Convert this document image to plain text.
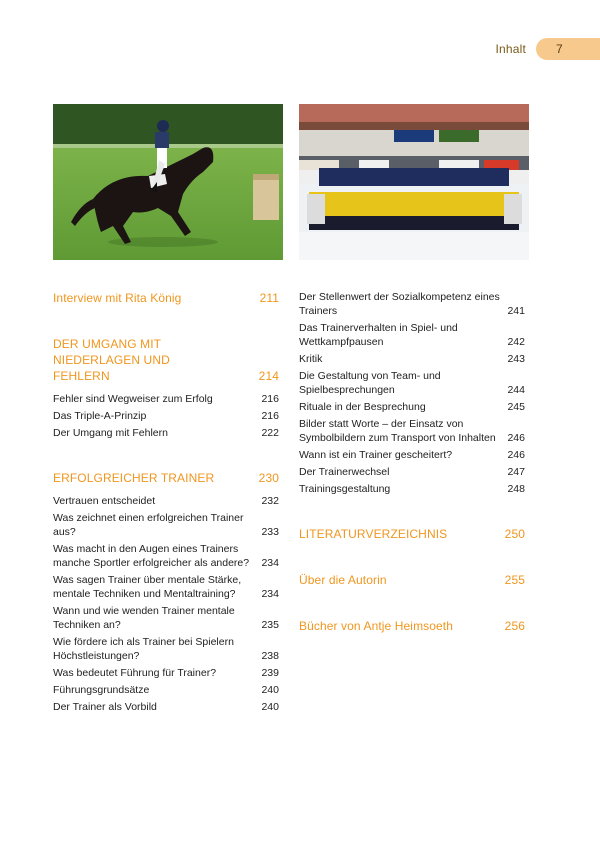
Inhalt	7
Interview mit Rita König	211
DER UMGANG MIT NIEDERLAGEN UND FEHLERN	214
Fehler sind Wegweiser zum Erfolg	216
Das Triple-A-Prinzip	216
Der Umgang mit Fehlern	222
ERFOLGREICHER TRAINER	230
Vertrauen entscheidet	232
Was zeichnet einen erfolgreichen Trainer aus?	233
Was macht in den Augen eines Trainers manche Sportler erfolgreicher als andere?	234
Was sagen Trainer über mentale Stärke, mentale Techniken und Mentaltraining?	234
Wann und wie wenden Trainer mentale Techniken an?	235
Wie fördere ich als Trainer bei Spielern Höchstleistungen?	238
Was bedeutet Führung für Trainer?	239
Führungsgrundsätze	240
Der Trainer als Vorbild	240
Der Stellenwert der Sozialkompetenz eines Trainers	241
Das Trainerverhalten in Spiel- und Wettkampfpausen	242
Kritik	243
Die Gestaltung von Team- und Spielbesprechungen	244
Rituale in der Besprechung	245
Bilder statt Worte – der Einsatz von Symbolbildern zum Transport von Inhalten	246
Wann ist ein Trainer gescheitert?	246
Der Trainerwechsel	247
Trainingsgestaltung	248
LITERATURVERZEICHNIS	250
Über die Autorin	255
Bücher von Antje Heimsoeth	256
